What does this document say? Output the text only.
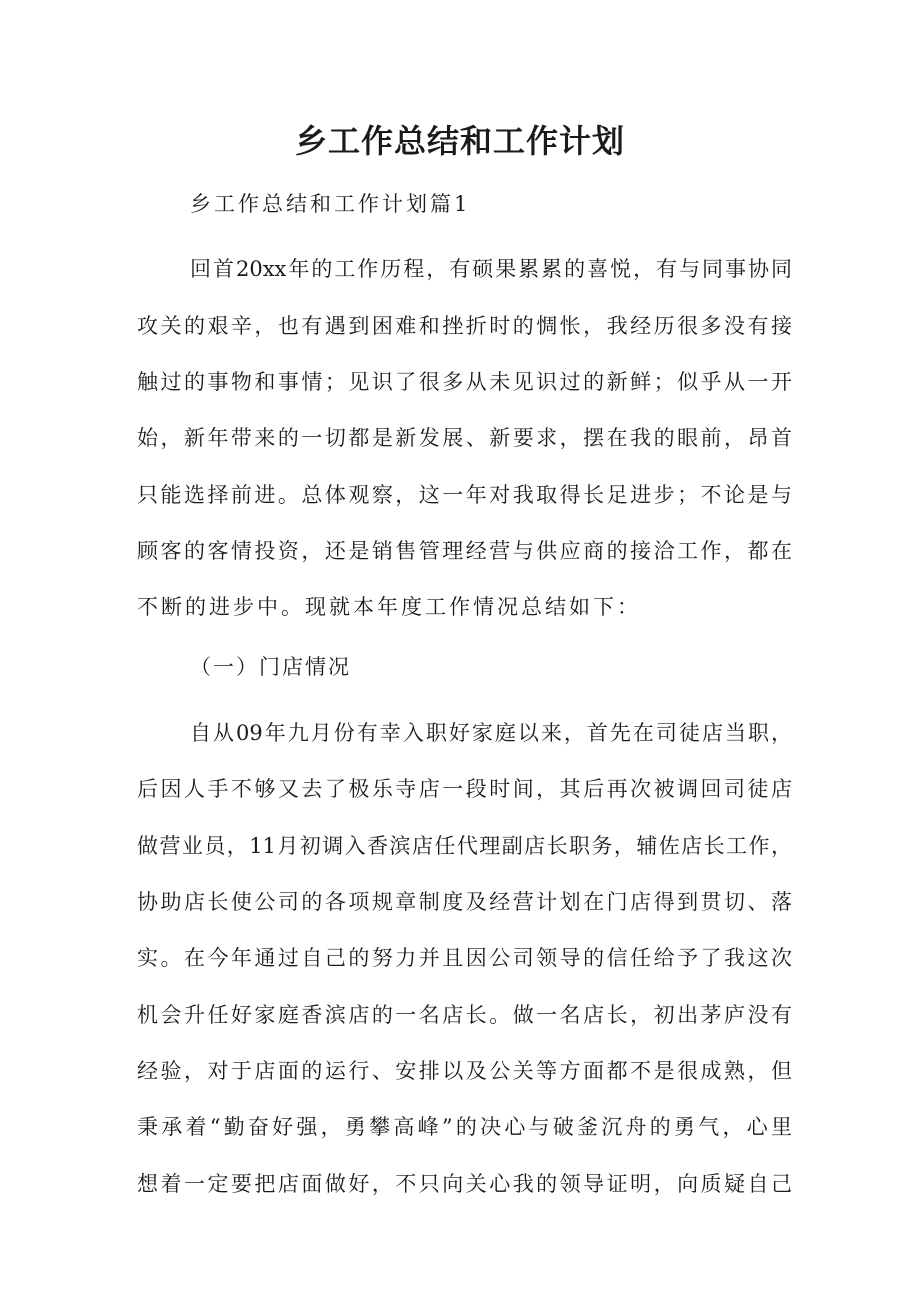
乡工作总结和工作计划

乡工作总结和工作计划篇1

回首20xx年的工作历程，有硕果累累的喜悦，有与同事协同

攻关的艰辛，也有遇到困难和挫折时的惆怅，我经历很多没有接

触过的事物和事情；见识了很多从未见识过的新鲜；似乎从一开

始，新年带来的一切都是新发展、新要求，摆在我的眼前，昂首

只能选择前进。总体观察，这一年对我取得长足进步；不论是与

顾客的客情投资，还是销售管理经营与供应商的接洽工作，都在

不断的进步中。现就本年度工作情况总结如下：

（一）门店情况

自从09年九月份有幸入职好家庭以来，首先在司徒店当职，

后因人手不够又去了极乐寺店一段时间，其后再次被调回司徒店

做营业员，11月初调入香滨店任代理副店长职务，辅佐店长工作，

协助店长使公司的各项规章制度及经营计划在门店得到贯切、落

实。在今年通过自己的努力并且因公司领导的信任给予了我这次

机会升任好家庭香滨店的一名店长。做一名店长，初出茅庐没有

经验，对于店面的运行、安排以及公关等方面都不是很成熟，但

秉承着“勤奋好强，勇攀高峰”的决心与破釜沉舟的勇气，心里

想着一定要把店面做好，不只向关心我的领导证明，向质疑自己
